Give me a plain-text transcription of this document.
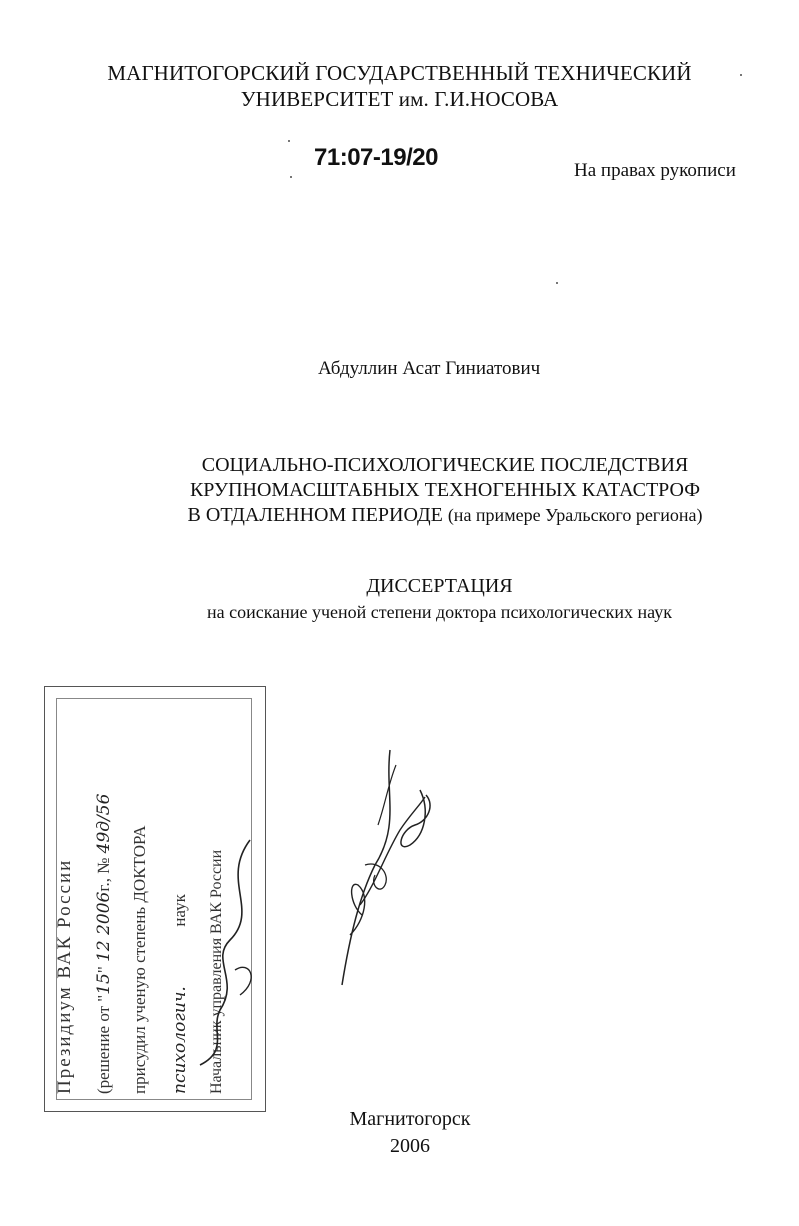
МАГНИТОГОРСКИЙ ГОСУДАРСТВЕННЫЙ ТЕХНИЧЕСКИЙ
УНИВЕРСИТЕТ им. Г.И.НОСОВА
71:07-19/20	На правах рукописи
Абдуллин Асат Гиниатович
СОЦИАЛЬНО-ПСИХОЛОГИЧЕСКИЕ ПОСЛЕДСТВИЯ
КРУПНОМАСШТАБНЫХ ТЕХНОГЕННЫХ КАТАСТРОФ
В ОТДАЛЕННОМ ПЕРИОДЕ (на примере Уральского региона)
ДИССЕРТАЦИЯ
на соискание ученой степени доктора психологических наук
Президиум ВАК России (решение от "15" 12 2006г., № 49д/56
присудил ученую степень ДОКТОРА психологич.              наук Начальник управления ВАК России
Магнитогорск
2006
